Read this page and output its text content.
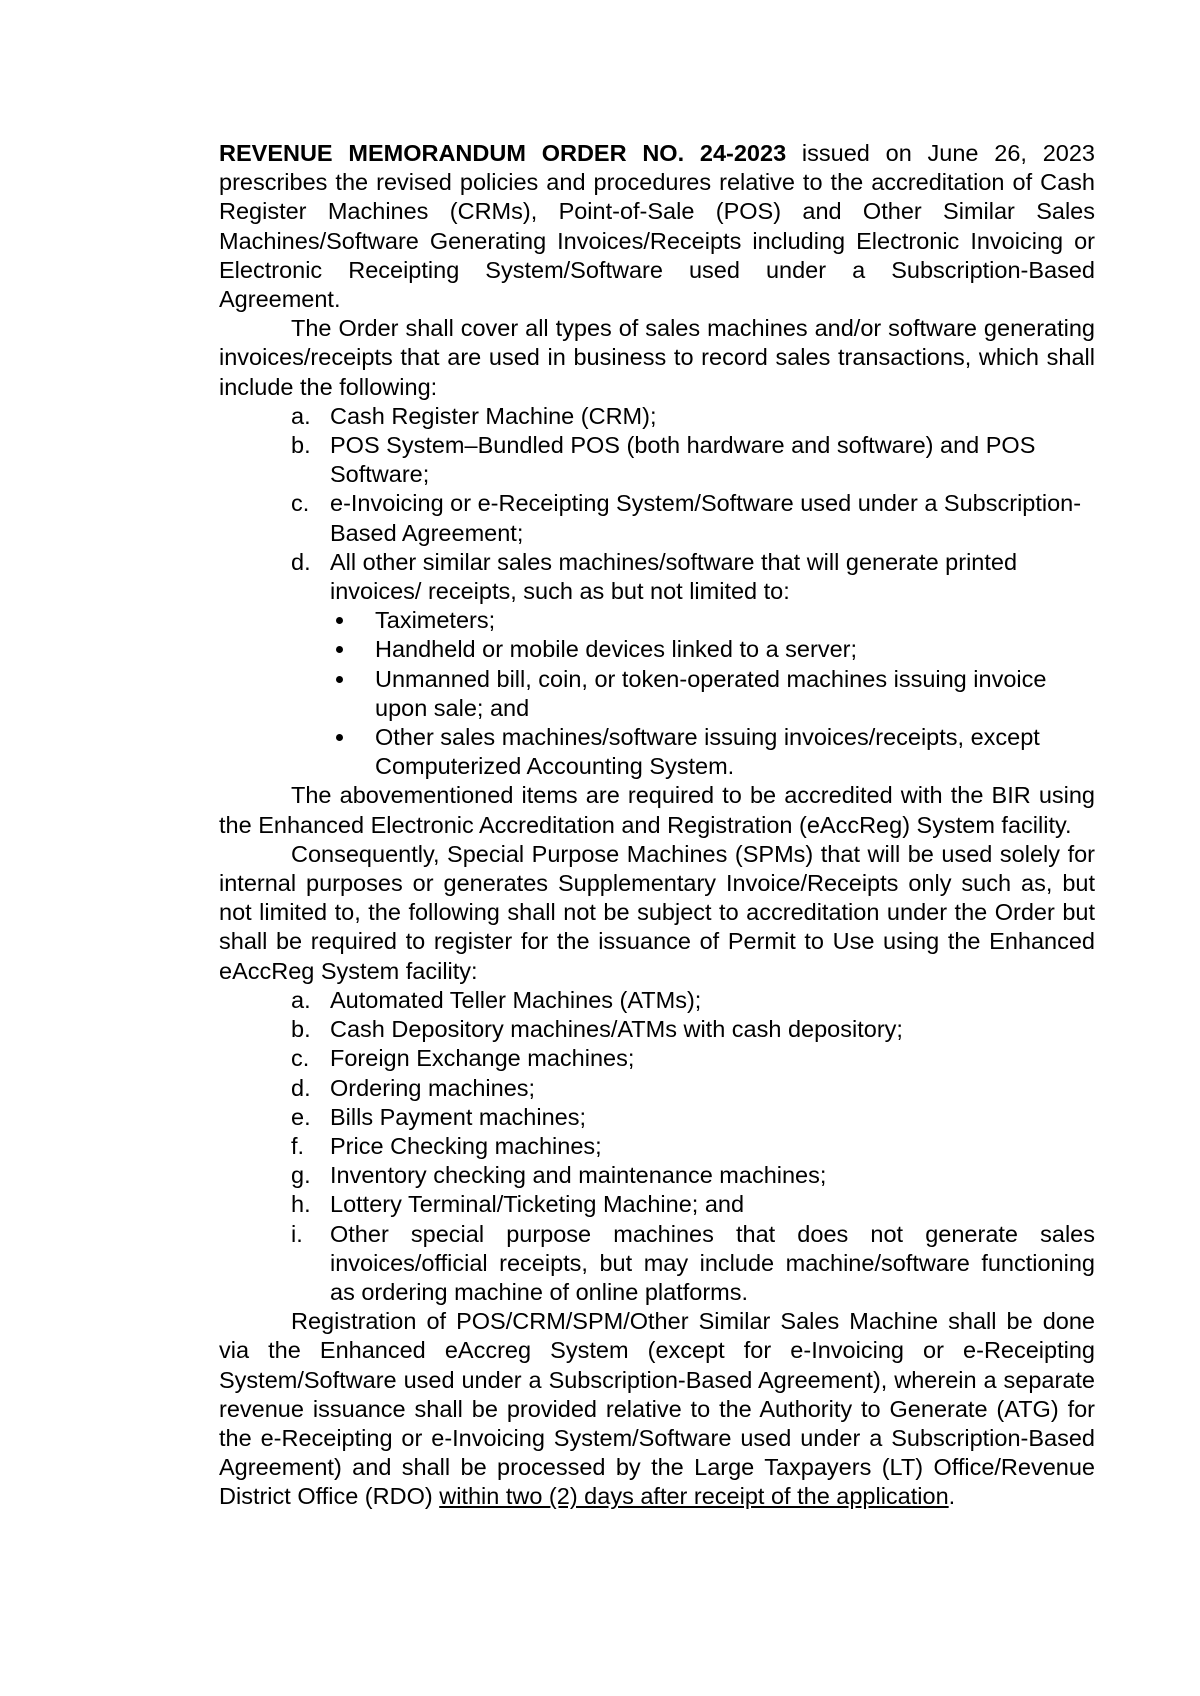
REVENUE MEMORANDUM ORDER NO. 24-2023 issued on June 26, 2023 prescribes the revised policies and procedures relative to the accreditation of Cash Register Machines (CRMs), Point-of-Sale (POS) and Other Similar Sales Machines/Software Generating Invoices/Receipts including Electronic Invoicing or Electronic Receipting System/Software used under a Subscription-Based Agreement.

The Order shall cover all types of sales machines and/or software generating invoices/receipts that are used in business to record sales transactions, which shall include the following:

a. Cash Register Machine (CRM);
b. POS System–Bundled POS (both hardware and software) and POS Software;
c. e-Invoicing or e-Receipting System/Software used under a Subscription-Based Agreement;
d. All other similar sales machines/software that will generate printed invoices/ receipts, such as but not limited to:
Taximeters;
Handheld or mobile devices linked to a server;
Unmanned bill, coin, or token-operated machines issuing invoice upon sale; and
Other sales machines/software issuing invoices/receipts, except Computerized Accounting System.

The abovementioned items are required to be accredited with the BIR using the Enhanced Electronic Accreditation and Registration (eAccReg) System facility.

Consequently, Special Purpose Machines (SPMs) that will be used solely for internal purposes or generates Supplementary Invoice/Receipts only such as, but not limited to, the following shall not be subject to accreditation under the Order but shall be required to register for the issuance of Permit to Use using the Enhanced eAccReg System facility:

a. Automated Teller Machines (ATMs);
b. Cash Depository machines/ATMs with cash depository;
c. Foreign Exchange machines;
d. Ordering machines;
e. Bills Payment machines;
f. Price Checking machines;
g. Inventory checking and maintenance machines;
h. Lottery Terminal/Ticketing Machine; and
i. Other special purpose machines that does not generate sales invoices/official receipts, but may include machine/software functioning as ordering machine of online platforms.

Registration of POS/CRM/SPM/Other Similar Sales Machine shall be done via the Enhanced eAccreg System (except for e-Invoicing or e-Receipting System/Software used under a Subscription-Based Agreement), wherein a separate revenue issuance shall be provided relative to the Authority to Generate (ATG) for the e-Receipting or e-Invoicing System/Software used under a Subscription-Based Agreement) and shall be processed by the Large Taxpayers (LT) Office/Revenue District Office (RDO) within two (2) days after receipt of the application.
